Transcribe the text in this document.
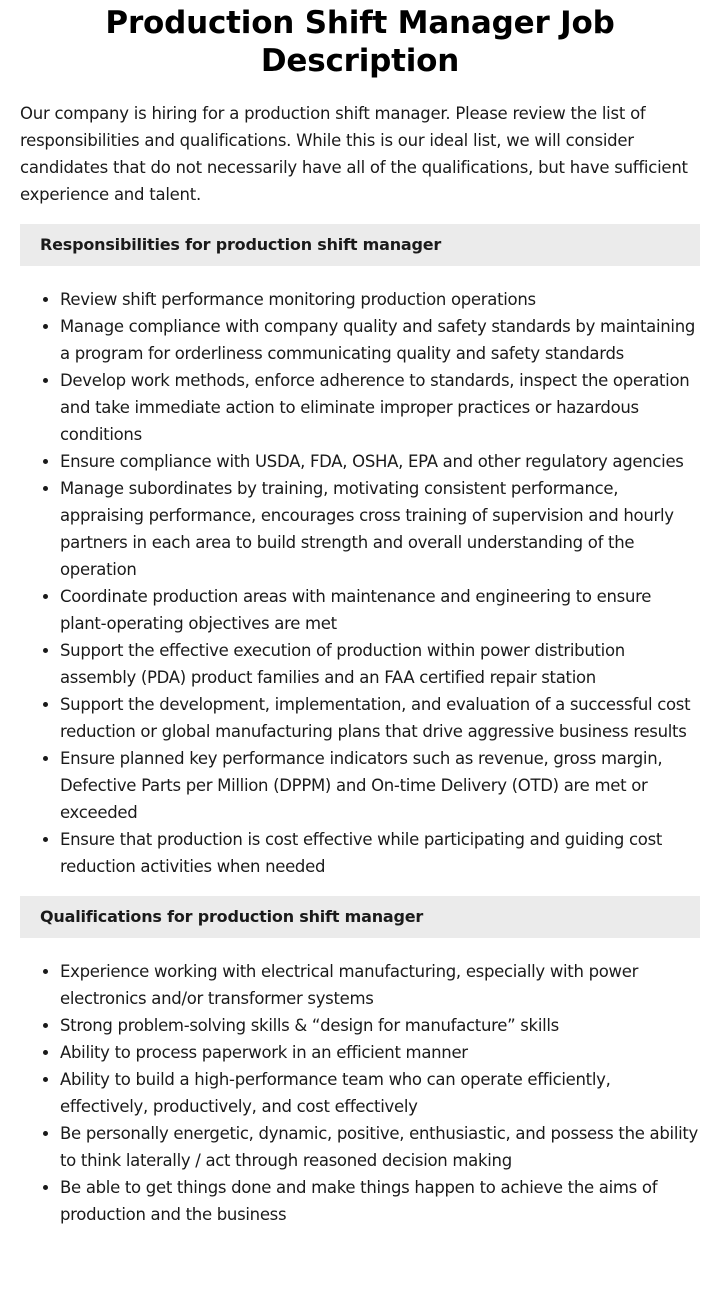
Production Shift Manager Job Description

Our company is hiring for a production shift manager. Please review the list of responsibilities and qualifications. While this is our ideal list, we will consider candidates that do not necessarily have all of the qualifications, but have sufficient experience and talent.

Responsibilities for production shift manager
• Review shift performance monitoring production operations
• Manage compliance with company quality and safety standards by maintaining a program for orderliness communicating quality and safety standards
• Develop work methods, enforce adherence to standards, inspect the operation and take immediate action to eliminate improper practices or hazardous conditions
• Ensure compliance with USDA, FDA, OSHA, EPA and other regulatory agencies
• Manage subordinates by training, motivating consistent performance, appraising performance, encourages cross training of supervision and hourly partners in each area to build strength and overall understanding of the operation
• Coordinate production areas with maintenance and engineering to ensure plant-operating objectives are met
• Support the effective execution of production within power distribution assembly (PDA) product families and an FAA certified repair station
• Support the development, implementation, and evaluation of a successful cost reduction or global manufacturing plans that drive aggressive business results
• Ensure planned key performance indicators such as revenue, gross margin, Defective Parts per Million (DPPM) and On-time Delivery (OTD) are met or exceeded
• Ensure that production is cost effective while participating and guiding cost reduction activities when needed
Qualifications for production shift manager
• Experience working with electrical manufacturing, especially with power electronics and/or transformer systems
• Strong problem-solving skills & “design for manufacture” skills
• Ability to process paperwork in an efficient manner
• Ability to build a high-performance team who can operate efficiently, effectively, productively, and cost effectively
• Be personally energetic, dynamic, positive, enthusiastic, and possess the ability to think laterally / act through reasoned decision making
• Be able to get things done and make things happen to achieve the aims of production and the business
